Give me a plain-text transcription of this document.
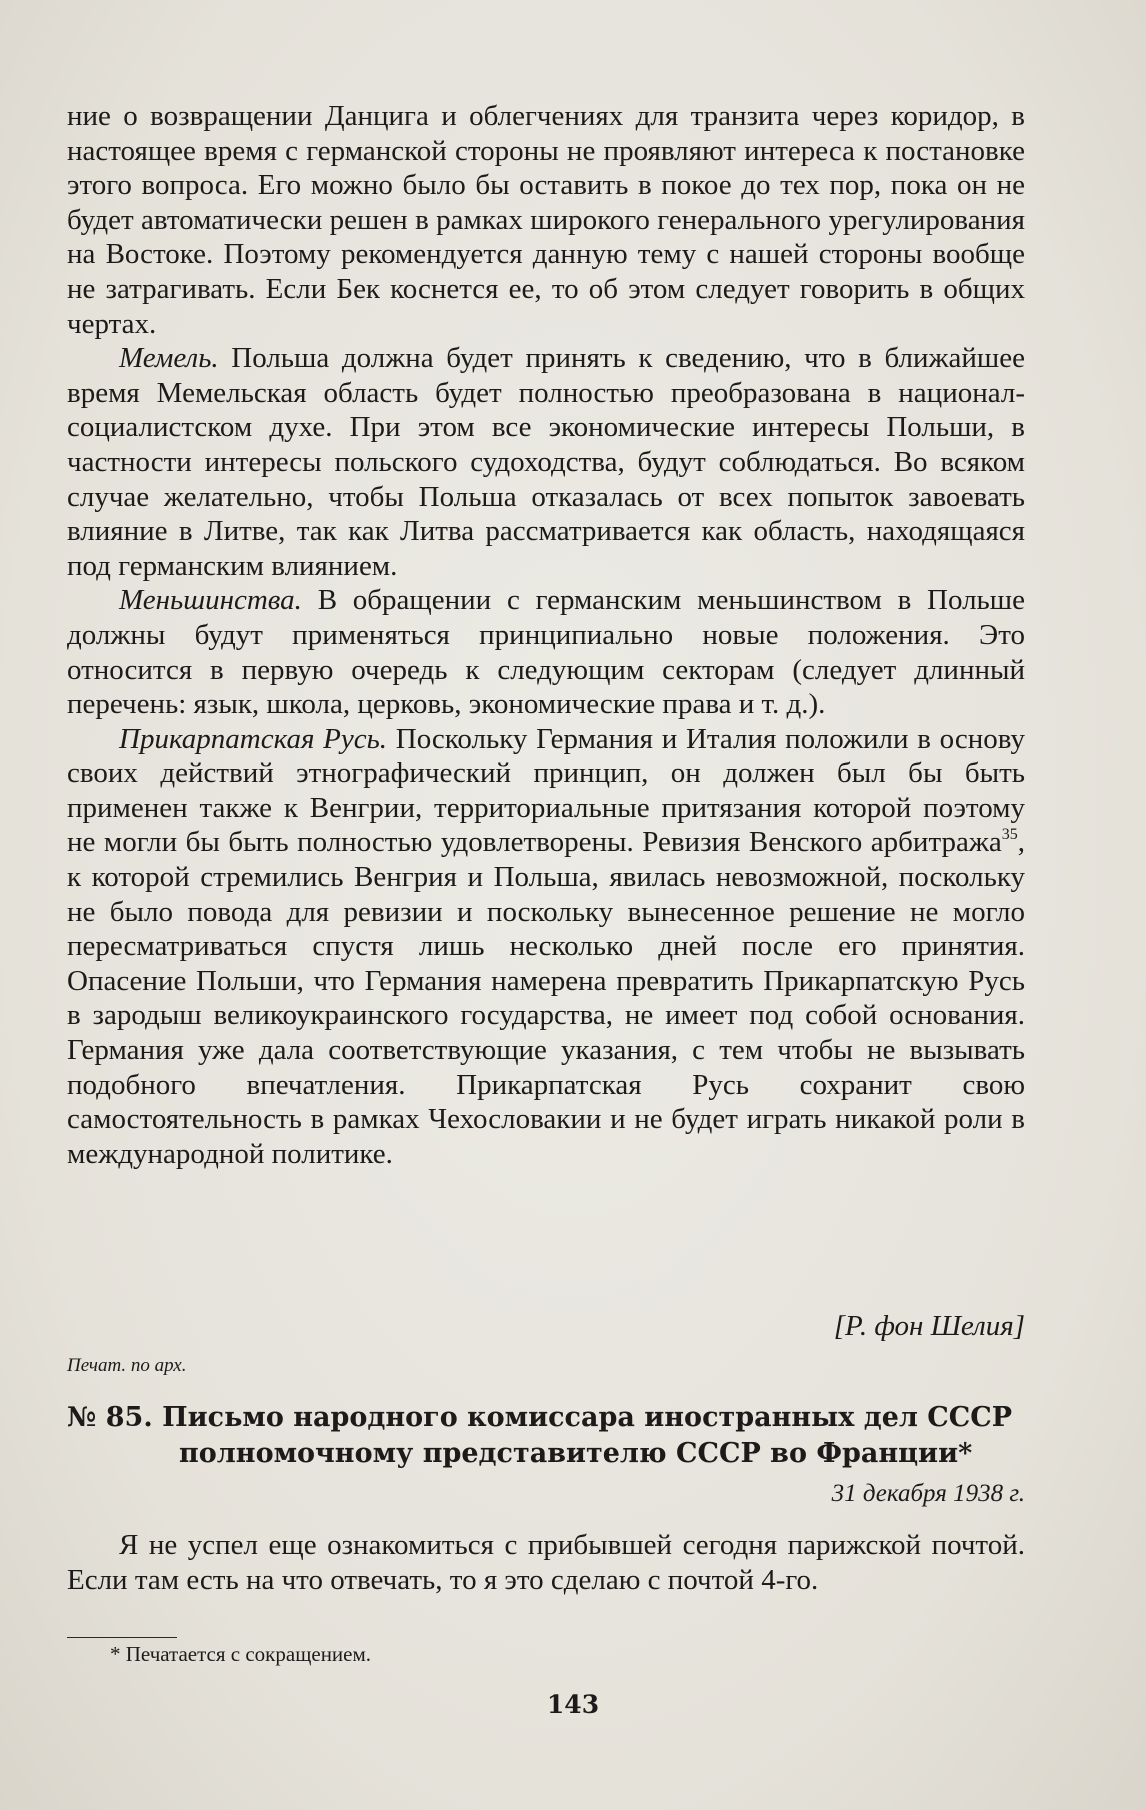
ние о возвращении Данцига и облегчениях для транзита через коридор, в настоящее время с германской стороны не проявляют интереса к постановке этого вопроса. Его можно было бы оставить в покое до тех пор, пока он не будет автоматически решен в рамках широкого генерального урегулирования на Востоке. Поэтому рекомендуется данную тему с нашей стороны вообще не затрагивать. Если Бек коснется ее, то об этом следует говорить в общих чертах.

Мемель. Польша должна будет принять к сведению, что в ближайшее время Мемельская область будет полностью преобразована в национал-социалистском духе. При этом все экономические интересы Польши, в частности интересы польского судоходства, будут соблюдаться. Во всяком случае желательно, чтобы Польша отказалась от всех попыток завоевать влияние в Литве, так как Литва рассматривается как область, находящаяся под германским влиянием.

Меньшинства. В обращении с германским меньшинством в Польше должны будут применяться принципиально новые положения. Это относится в первую очередь к следующим секторам (следует длинный перечень: язык, школа, церковь, экономические права и т. д.).

Прикарпатская Русь. Поскольку Германия и Италия положили в основу своих действий этнографический принцип, он должен был бы быть применен также к Венгрии, территориальные притязания которой поэтому не могли бы быть полностью удовлетворены. Ревизия Венского арбитража$^{35}$, к которой стремились Венгрия и Польша, явилась невозможной, поскольку не было повода для ревизии и поскольку вынесенное решение не могло пересматриваться спустя лишь несколько дней после его принятия. Опасение Польши, что Германия намерена превратить Прикарпатскую Русь в зародыш великоукраинского государства, не имеет под собой основания. Германия уже дала соответствующие указания, с тем чтобы не вызывать подобного впечатления. Прикарпатская Русь сохранит свою самостоятельность в рамках Чехословакии и не будет играть никакой роли в международной политике.

[Р. фон Шелия]
Печат. по арх.
№ 85. Письмо народного комиссара иностранных дел СССР
полномочному представителю СССР во Франции*
31 декабря 1938 г.

Я не успел еще ознакомиться с прибывшей сегодня парижской почтой. Если там есть на что отвечать, то я это сделаю с почтой 4-го.

* Печатается с сокращением.
143
